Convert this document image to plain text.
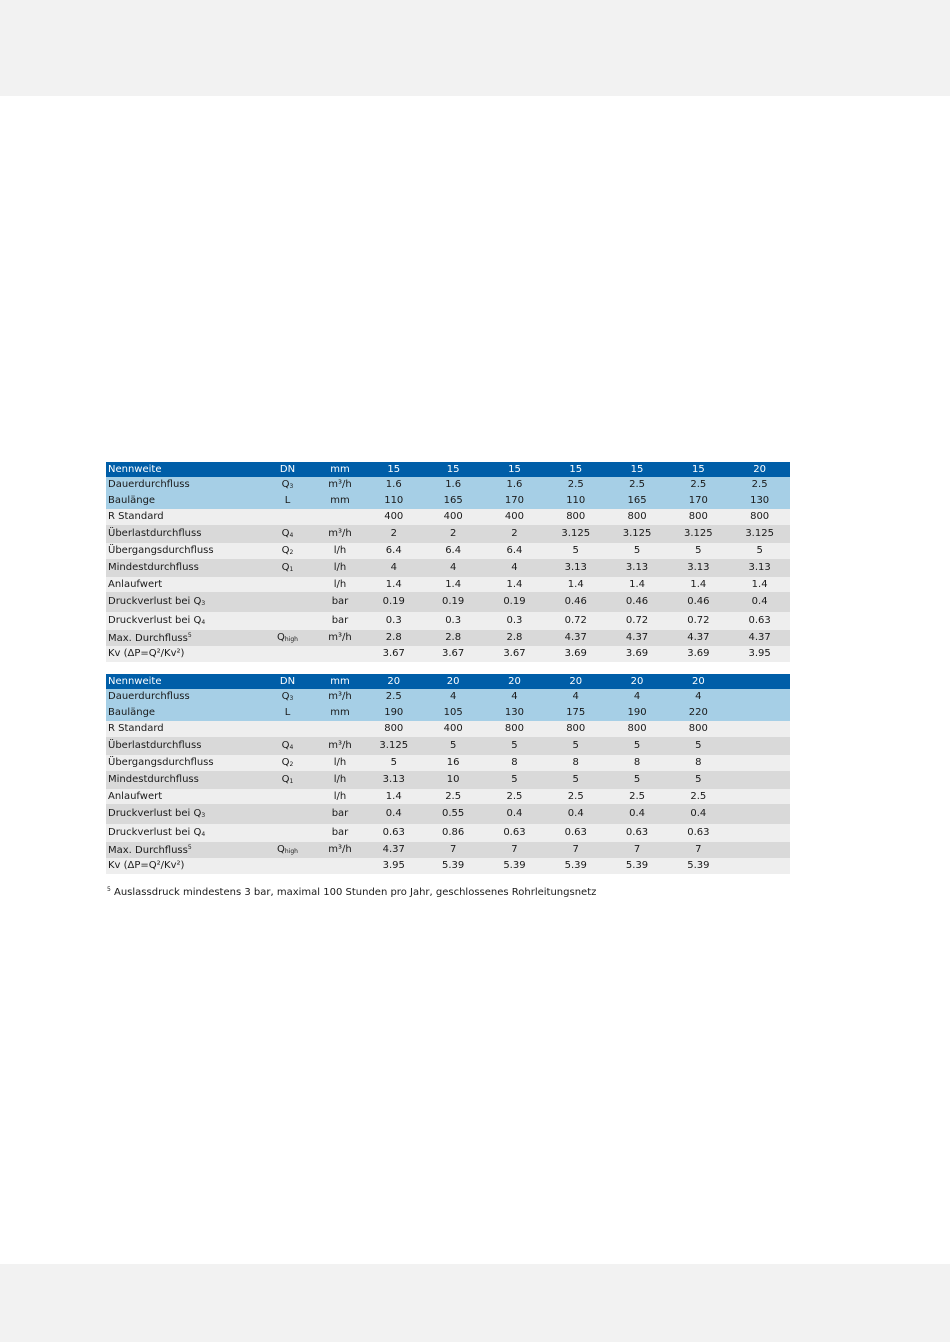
Nennweite	DN	mm	15	15	15	15	15	15	20
Dauerdurchfluss	Q3	m³/h	1.6	1.6	1.6	2.5	2.5	2.5	2.5
Baulänge	L	mm	110	165	170	110	165	170	130
R Standard			400	400	400	800	800	800	800
Überlastdurchfluss	Q4	m³/h	2	2	2	3.125	3.125	3.125	3.125
Übergangsdurchfluss	Q2	l/h	6.4	6.4	6.4	5	5	5	5
Mindestdurchfluss	Q1	l/h	4	4	4	3.13	3.13	3.13	3.13
Anlaufwert		l/h	1.4	1.4	1.4	1.4	1.4	1.4	1.4
Druckverlust bei Q3		bar	0.19	0.19	0.19	0.46	0.46	0.46	0.4
Druckverlust bei Q4		bar	0.3	0.3	0.3	0.72	0.72	0.72	0.63
Max. Durchfluss$^5$	Qhigh	m³/h	2.8	2.8	2.8	4.37	4.37	4.37	4.37
Kv (ΔP=Q²/Kv²)			3.67	3.67	3.67	3.69	3.69	3.69	3.95
Nennweite	DN	mm	20	20	20	20	20	20	
Dauerdurchfluss	Q3	m³/h	2.5	4	4	4	4	4	
Baulänge	L	mm	190	105	130	175	190	220	
R Standard			800	400	800	800	800	800	
Überlastdurchfluss	Q4	m³/h	3.125	5	5	5	5	5	
Übergangsdurchfluss	Q2	l/h	5	16	8	8	8	8	
Mindestdurchfluss	Q1	l/h	3.13	10	5	5	5	5	
Anlaufwert		l/h	1.4	2.5	2.5	2.5	2.5	2.5	
Druckverlust bei Q3		bar	0.4	0.55	0.4	0.4	0.4	0.4	
Druckverlust bei Q4		bar	0.63	0.86	0.63	0.63	0.63	0.63	
Max. Durchfluss$^5$	Qhigh	m³/h	4.37	7	7	7	7	7	
Kv (ΔP=Q²/Kv²)			3.95	5.39	5.39	5.39	5.39	5.39	
$^5$ Auslassdruck mindestens 3 bar, maximal 100 Stunden pro Jahr, geschlossenes Rohrleitungsnetz
